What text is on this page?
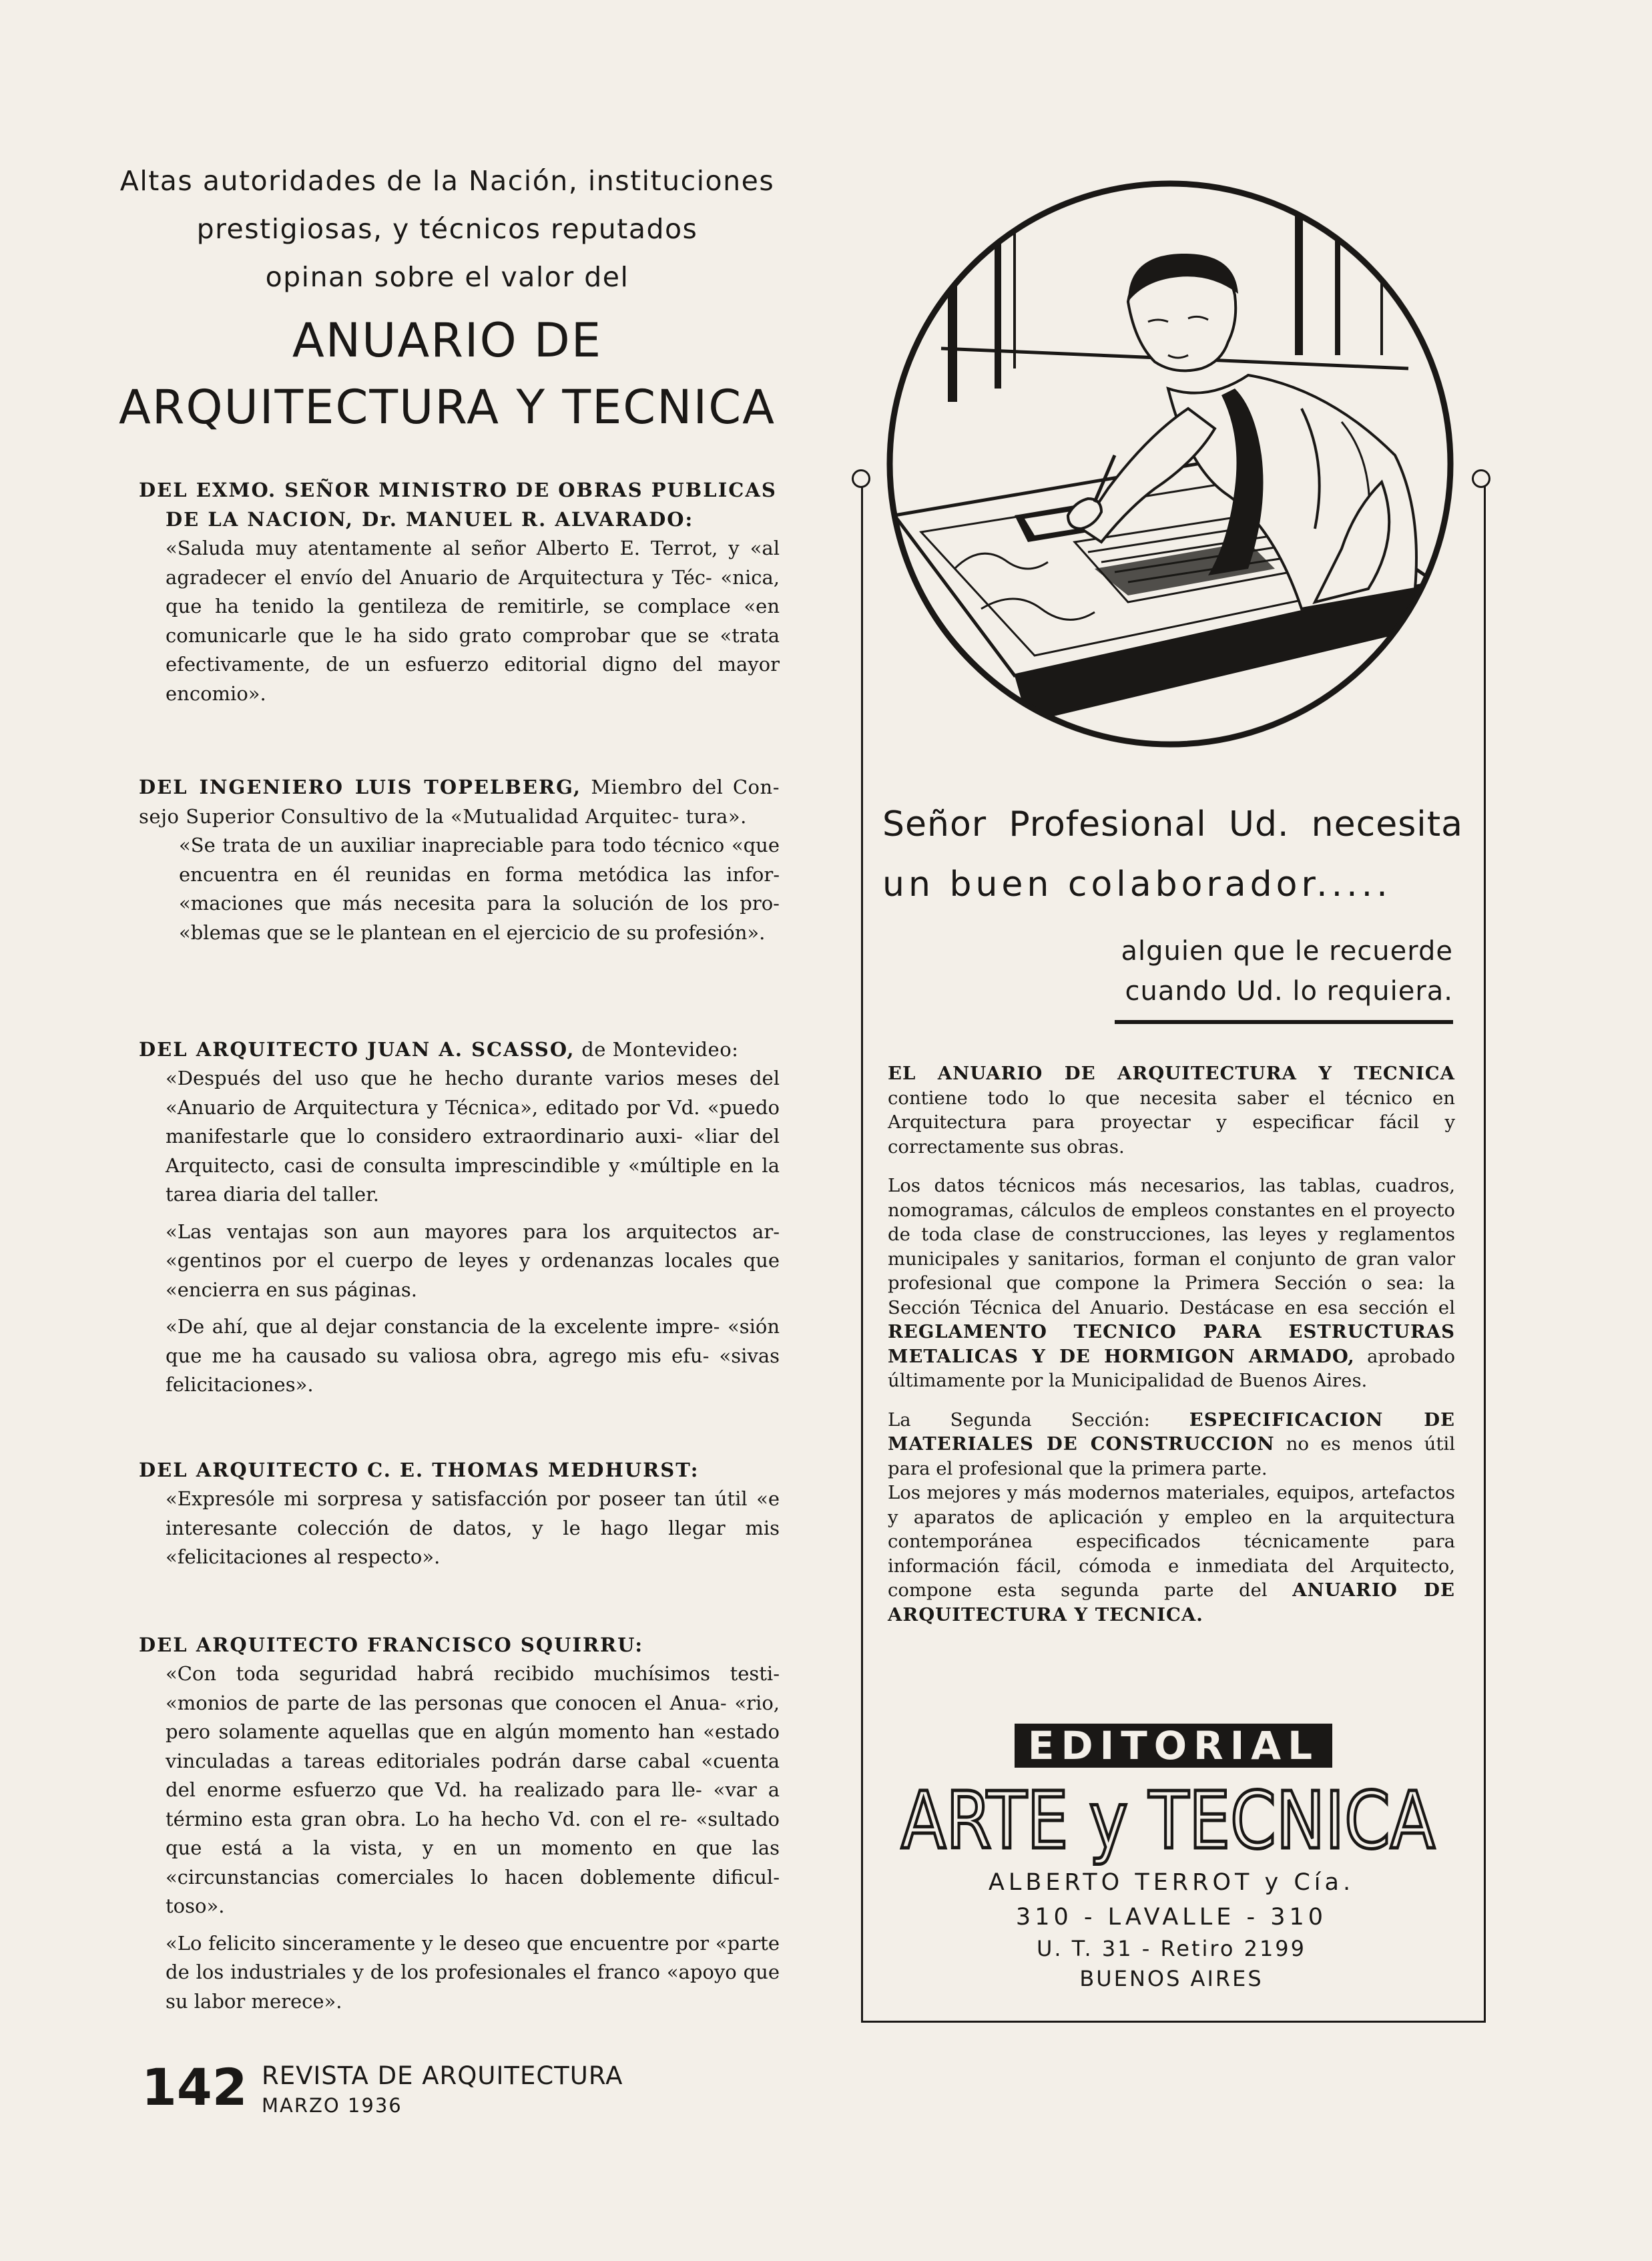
Altas autoridades de la Nación, instituciones
prestigiosas, y técnicos reputados
opinan sobre el valor del
ANUARIO DE
ARQUITECTURA Y TECNICA
DEL EXMO. SEÑOR MINISTRO DE OBRAS PUBLICAS
DE LA NACION, Dr. MANUEL R. ALVARADO:

«Saluda muy atentamente al señor Alberto E. Terrot, y «al agradecer el envío del Anuario de Arquitectura y Téc- «nica, que ha tenido la gentileza de remitirle, se complace «en comunicarle que le ha sido grato comprobar que se «trata efectivamente, de un esfuerzo editorial digno del mayor encomio».

DEL INGENIERO LUIS TOPELBERG, Miembro del Con- sejo Superior Consultivo de la «Mutualidad Arquitec- tura».

«Se trata de un auxiliar inapreciable para todo técnico «que encuentra en él reunidas en forma metódica las infor- «maciones que más necesita para la solución de los pro- «blemas que se le plantean en el ejercicio de su profesión».

DEL ARQUITECTO JUAN A. SCASSO, de Montevideo:

«Después del uso que he hecho durante varios meses del «Anuario de Arquitectura y Técnica», editado por Vd. «puedo manifestarle que lo considero extraordinario auxi- «liar del Arquitecto, casi de consulta imprescindible y «múltiple en la tarea diaria del taller.

«Las ventajas son aun mayores para los arquitectos ar- «gentinos por el cuerpo de leyes y ordenanzas locales que «encierra en sus páginas.

«De ahí, que al dejar constancia de la excelente impre- «sión que me ha causado su valiosa obra, agrego mis efu- «sivas felicitaciones».

DEL ARQUITECTO C. E. THOMAS MEDHURST:

«Expresóle mi sorpresa y satisfacción por poseer tan útil «e interesante colección de datos, y le hago llegar mis «felicitaciones al respecto».

DEL ARQUITECTO FRANCISCO SQUIRRU:

«Con toda seguridad habrá recibido muchísimos testi- «monios de parte de las personas que conocen el Anua- «rio, pero solamente aquellas que en algún momento han «estado vinculadas a tareas editoriales podrán darse cabal «cuenta del enorme esfuerzo que Vd. ha realizado para lle- «var a término esta gran obra. Lo ha hecho Vd. con el re- «sultado que está a la vista, y en un momento en que las «circunstancias comerciales lo hacen doblemente dificul- toso».

«Lo felicito sinceramente y le deseo que encuentre por «parte de los industriales y de los profesionales el franco «apoyo que su labor merece».

142 REVISTA DE ARQUITECTURA
MARZO 1936
Señor Profesional Ud. necesita
un buen colaborador.....
alguien que le recuerde
cuando Ud. lo requiera.

EL ANUARIO DE ARQUITECTURA Y TECNICA contiene todo lo que necesita saber el técnico en Arquitectura para proyectar y especificar fácil y correctamente sus obras.

Los datos técnicos más necesarios, las tablas, cuadros, nomogramas, cálculos de empleos constantes en el proyecto de toda clase de construcciones, las leyes y reglamentos municipales y sanitarios, forman el conjunto de gran valor profesional que compone la Primera Sección o sea: la Sección Técnica del Anuario. Destácase en esa sección el REGLAMENTO TECNICO PARA ESTRUCTURAS METALICAS Y DE HORMIGON ARMADO, aprobado últimamente por la Municipalidad de Buenos Aires.

La Segunda Sección: ESPECIFICACION DE MATERIALES DE CONSTRUCCION no es menos útil para el profesional que la primera parte.

Los mejores y más modernos materiales, equipos, artefactos y aparatos de aplicación y empleo en la arquitectura contemporánea especificados técnicamente para información fácil, cómoda e inmediata del Arquitecto, compone esta segunda parte del ANUARIO DE ARQUITECTURA Y TECNICA.

EDITORIAL
ARTE y TECNICA
ALBERTO TERROT y Cía.
310 - LAVALLE - 310
U. T. 31 - Retiro 2199
BUENOS AIRES
